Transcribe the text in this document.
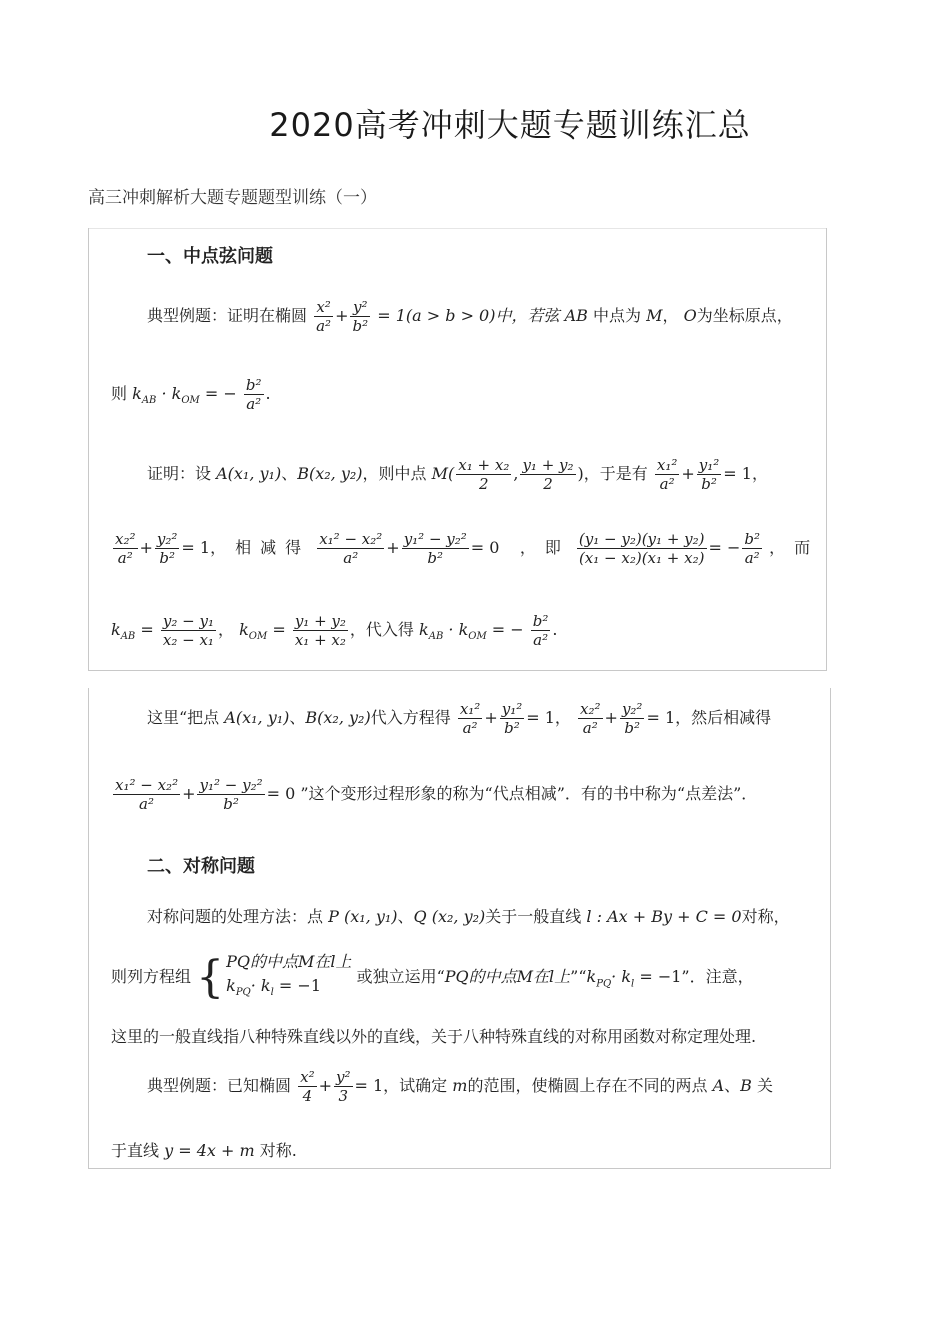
2020高考冲刺大题专题训练汇总
高三冲刺解析大题专题题型训练（一）
一、中点弦问题
典型例题：证明在椭圆 $\frac{\text{x²}}{\text{a²}} + \frac{\text{y²}}{\text{b²}} = 1(a > b > 0)$中，若弦 AB 中点为 M， O为坐标原点，
则 $k_{AB} \cdot k_{OM}$ = − $\frac{\text{b²}}{\text{a²}}$ .
证明：设 A(x₁, y₁)、B(x₂, y₂)，则中点 $M( \frac{\text{x₁ + x₂}}{2}$ , $\frac{\text{y₁ + y₂}}{2}$ )，于是有 $\frac{\text{x₁²}}{\text{a²}} + \frac{\text{y₁²}}{\text{b²}} = 1$，
$\frac{\text{x₂²}}{\text{a²}} + \frac{\text{y₂²}}{\text{b²}} = 1$，相减得 $\frac{\text{x₁² − x₂²}}{\text{a²}} + \frac{\text{y₁² − y₂²}}{\text{b²}} = 0$ ，即 $\frac{\text{(y₁ − y₂)(y₁ + y₂)}}{\text{(x₁ − x₂)(x₁ + x₂)}}$ = − $\frac{\text{b²}}{\text{a²}}$ ，而
$k_{AB} = \frac{\text{y₂ − y₁}}{\text{x₂ − x₁}}$ ， $k_{OM} = \frac{\text{y₁ + y₂}}{\text{x₁ + x₂}}$ ，代入得 $k_{AB} \cdot k_{OM}$ = − $\frac{\text{b²}}{\text{a²}}$ .
这里“把点 A(x₁, y₁)、B(x₂, y₂)代入方程得 $\frac{\text{x₁²}}{\text{a²}} + \frac{\text{y₁²}}{\text{b²}} = 1$， $\frac{\text{x₂²}}{\text{a²}} + \frac{\text{y₂²}}{\text{b²}} = 1$，然后相减得
$\frac{\text{x₁² − x₂²}}{\text{a²}} + \frac{\text{y₁² − y₂²}}{\text{b²}} = 0$ ”这个变形过程形象的称为“代点相减”．有的书中称为“点差法”．
二、对称问题
对称问题的处理方法：点 P (x₁, y₁)、Q (x₂, y₂)关于一般直线 l : Ax + By + C = 0对称，
则列方程组 { PQ的中点M在l上
$k_{PQ}\cdot k_l = -1$	或独立运用“PQ的中点M在l上$”“k_{PQ}\cdot k_l = -1$”．注意，
这里的一般直线指八种特殊直线以外的直线，关于八种特殊直线的对称用函数对称定理处理.
典型例题：已知椭圆 $\frac{\text{x²}}{4} + \frac{\text{y²}}{3} = 1$，试确定 m的范围，使椭圆上存在不同的两点 A、B 关
于直线 y = 4x + m 对称.
